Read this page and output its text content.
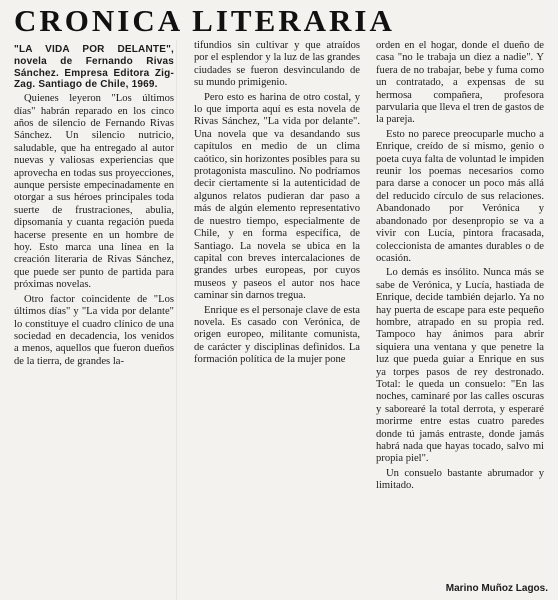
CRONICA LITERARIA

"LA VIDA POR DELANTE", novela de Fernando Rivas Sánchez. Empresa Editora Zig-Zag. Santiago de Chile, 1969.

Quienes leyeron "Los últimos días" habrán reparado en los cinco años de silencio de Fernando Rivas Sánchez. Un silencio nutricio, saludable, que ha entregado al autor nuevas y valiosas experiencias que aprovecha en todas sus proyecciones, aunque persiste empecinadamente en otorgar a sus héroes principales toda suerte de frustraciones, abulia, dipsomanía y cuanta regación pueda hacerse presente en un hombre de hoy. Esto marca una línea en la creación literaria de Rivas Sánchez, que puede ser punto de partida para próximas novelas.

Otro factor coincidente de "Los últimos días" y "La vida por delante" lo constituye el cuadro clínico de una sociedad en decadencia, los venidos a menos, aquellos que fueron dueños de la tierra, de grandes la-

tifundios sin cultivar y que atraídos por el esplendor y la luz de las grandes ciudades se fueron desvinculando de su mundo primigenio.

Pero esto es harina de otro costal, y lo que importa aquí es esta novela de Rivas Sánchez, "La vida por delante". Una novela que va desandando sus capítulos en medio de un clima caótico, sin horizontes posibles para su protagonista masculino. No podríamos decir ciertamente si la autenticidad de algunos relatos pudieran dar paso a más de algún elemento representativo de nuestro tiempo, especialmente de Chile, y en forma específica, de Santiago. La novela se ubica en la capital con breves intercalaciones de grandes urbes europeas, por cuyos museos y paseos el autor nos hace caminar sin darnos tregua.

Enrique es el personaje clave de esta novela. Es casado con Verónica, de origen europeo, militante comunista, de carácter y disciplinas definidos. La formación política de la mujer pone

orden en el hogar, donde el dueño de casa "no le trabaja un diez a nadie". Y fuera de no trabajar, bebe y fuma como un contratado, a expensas de su hermosa compañera, profesora parvularia que lleva el tren de gastos de la pareja.

Esto no parece preocuparle mucho a Enrique, creído de sí mismo, genio o poeta cuya falta de voluntad le impiden reunir los poemas necesarios como para darse a conocer un poco más allá del reducido círculo de sus relaciones. Abandonado por Verónica y abandonado por desenpropio se va a vivir con Lucía, pintora fracasada, coleccionista de amantes durables o de ocasión.

Lo demás es insólito. Nunca más se sabe de Verónica, y Lucía, hastiada de Enrique, decide también dejarlo. Ya no hay puerta de escape para este pequeño hombre, atrapado en su propia red. Tampoco hay ánimos para abrir siquiera una ventana y que penetre la luz que pueda guiar a Enrique en sus ya torpes pasos de rey destronado. Total: le queda un consuelo: "En las noches, caminaré por las calles oscuras y saborearé la total derrota, y esperaré morirme entre estas cuatro paredes donde tú jamás entraste, donde jamás habrá nada que hayas tocado, salvo mi propia piel".

Un consuelo bastante abrumador y limitado.

Marino Muñoz Lagos.
